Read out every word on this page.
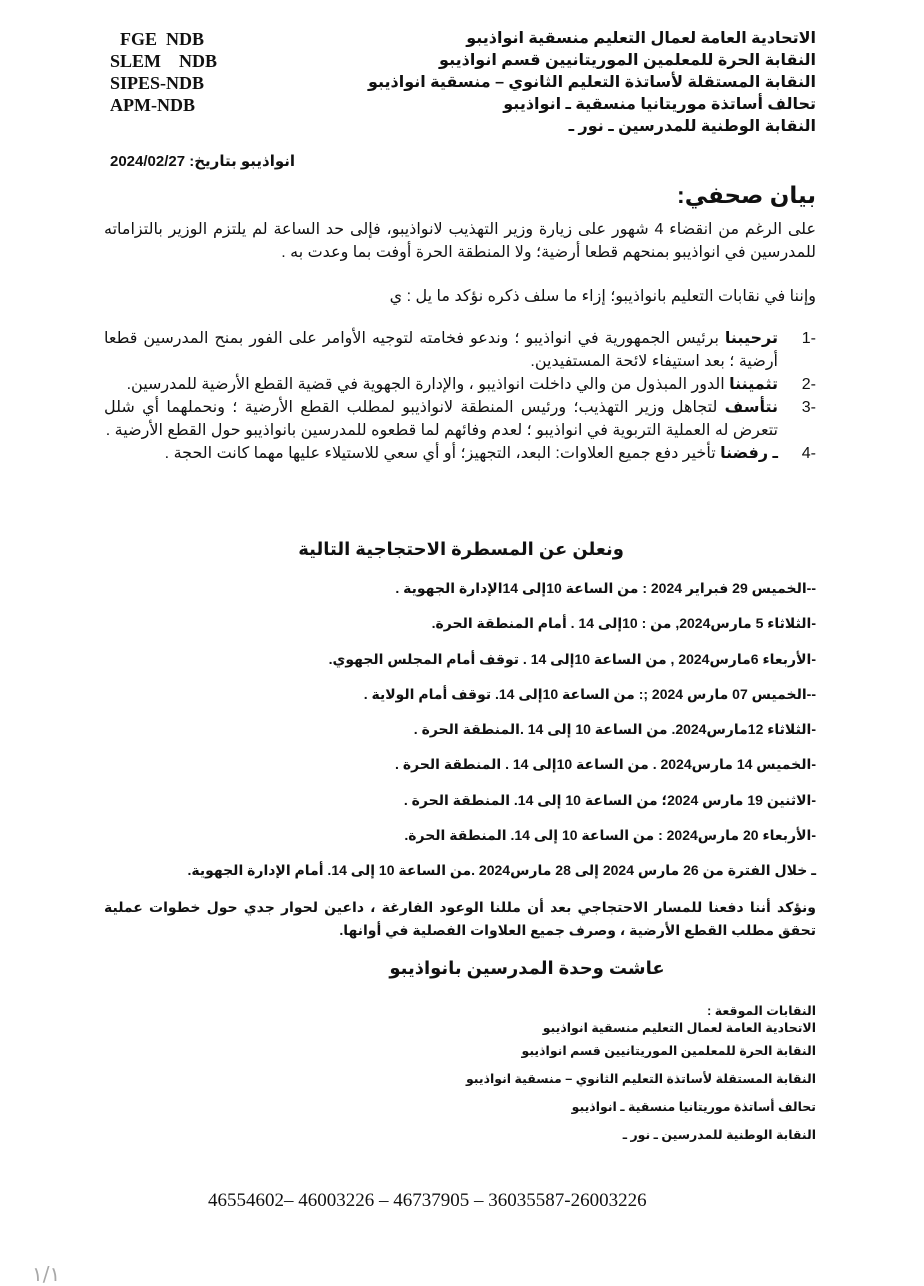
FGE  NDB
SLEM    NDB
SIPES-NDB
APM-NDB
الاتحادية العامة لعمال التعليم منسقية انواذيبو
النقابة الحرة للمعلمين الموريتانيين قسم انواذيبو
النقابة المستقلة لأساتذة التعليم الثانوي – منسقية انواذيبو
تحالف أساتذة موريتانيا منسقية ـ انواذيبو
النقابة الوطنية للمدرسين ـ نور ـ
انواذيبو بتاريخ: 2024/02/27
بيان صحفي:
على الرغم من انقضاء 4 شهور على زيارة وزير التهذيب لانواذيبو، فإلى حد الساعة لم يلتزم الوزير بالتزاماته للمدرسين في انواذيبو بمنحهم قطعا أرضية؛ ولا المنطقة الحرة أوفت بما وعدت به .
وإننا في نقابات التعليم بانواذيبو؛ إزاء ما سلف ذكره نؤكد ما يل : ي
1-
ترحيبنا برئيس الجمهورية في انواذيبو ؛ وندعو فخامته لتوجيه الأوامر على الفور بمنح المدرسين قطعا أرضية ؛ بعد استيفاء لائحة المستفيدين.
2-
تثميننا الدور المبذول من والي داخلت انواذيبو ، والإدارة الجهوية في قضية القطع الأرضية للمدرسين.
3-
نتأسف لتجاهل وزير التهذيب؛ ورئيس المنطقة لانواذيبو لمطلب القطع الأرضية ؛ ونحملهما أي شلل تتعرض له العملية التربوية في انواذيبو ؛ لعدم وفائهم لما قطعوه للمدرسين بانواذيبو حول القطع الأرضية .
4-
ـ رفضنا تأخير دفع جميع العلاوات: البعد، التجهيز؛ أو أي سعي للاستيلاء عليها مهما كانت الحجة .
ونعلن عن المسطرة الاحتجاجية التالية
--الخميس 29 فبراير 2024 : من الساعة 10إلى 14الإدارة الجهوية .
-الثلاثاء 5 مارس2024, من : 10إلى 14 . أمام المنطقة الحرة.
-الأربعاء 6مارس2024 , من الساعة 10إلى 14 . توقف أمام المجلس الجهوي.
--الخميس 07 مارس 2024 ;: من الساعة 10إلى 14. توقف أمام الولاية .
-الثلاثاء 12مارس2024. من الساعة 10 إلى 14 .المنطقة الحرة .
-الخميس 14 مارس2024 . من الساعة 10إلى 14 . المنطقة الحرة .
-الاثنين 19 مارس 2024؛ من الساعة 10 إلى 14. المنطقة الحرة .
-الأربعاء 20 مارس2024 : من الساعة 10 إلى 14. المنطقة الحرة.
ـ خلال الفترة من 26 مارس 2024 إلى 28 مارس2024 .من الساعة 10 إلى 14. أمام الإدارة الجهوية.
ونؤكد أننا دفعنا للمسار الاحتجاجي بعد أن مللنا الوعود الفارغة ، داعين لحوار جدي حول خطوات عملية تحقق مطلب القطع الأرضية ، وصرف جميع العلاوات الفصلية في أوانها.
عاشت وحدة المدرسين بانواذيبو
النقابات الموقعة :
الاتحادية العامة لعمال التعليم منسقية انواذيبو
النقابة الحرة للمعلمين الموريتانيين قسم انواذيبو
النقابة المستقلة لأساتذة التعليم الثانوي – منسقية انواذيبو
تحالف أساتذة موريتانيا منسقية ـ انواذيبو
النقابة الوطنية للمدرسين ـ نور ـ
46554602– 46003226 – 46737905 – 36035587-26003226
١/١
